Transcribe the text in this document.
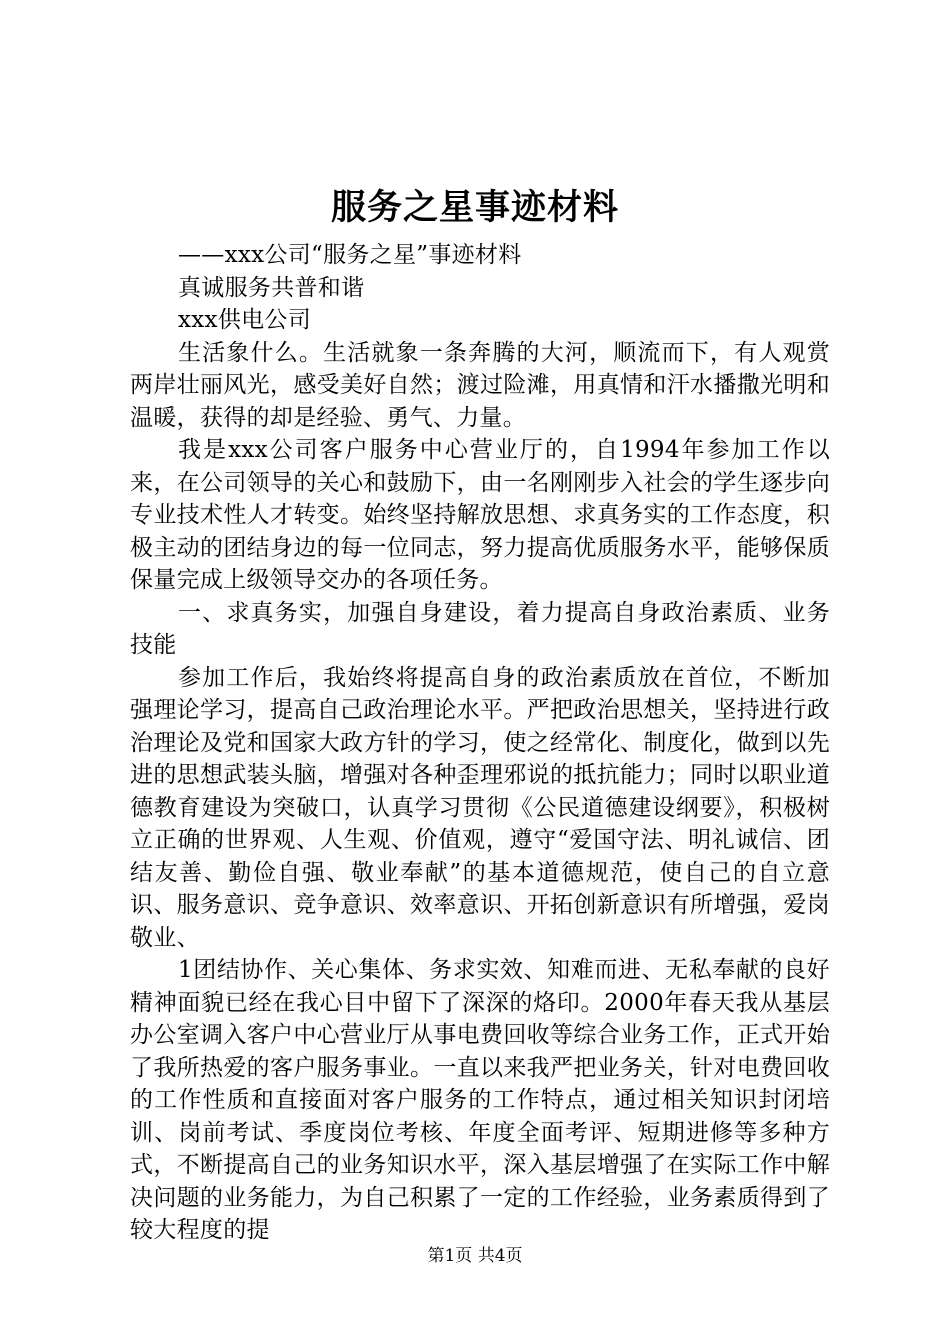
服务之星事迹材料

——xxx公司“服务之星”事迹材料

真诚服务共普和谐

xxx供电公司

生活象什么。生活就象一条奔腾的大河，顺流而下，有人观赏两岸壮丽风光，感受美好自然；渡过险滩，用真情和汗水播撒光明和温暖，获得的却是经验、勇气、力量。

我是xxx公司客户服务中心营业厅的，自1994年参加工作以来，在公司领导的关心和鼓励下，由一名刚刚步入社会的学生逐步向专业技术性人才转变。始终坚持解放思想、求真务实的工作态度，积极主动的团结身边的每一位同志，努力提高优质服务水平，能够保质保量完成上级领导交办的各项任务。

一、求真务实，加强自身建设，着力提高自身政治素质、业务技能

参加工作后，我始终将提高自身的政治素质放在首位，不断加强理论学习，提高自己政治理论水平。严把政治思想关，坚持进行政治理论及党和国家大政方针的学习，使之经常化、制度化，做到以先进的思想武装头脑，增强对各种歪理邪说的抵抗能力；同时以职业道德教育建设为突破口，认真学习贯彻《公民道德建设纲要》，积极树立正确的世界观、人生观、价值观，遵守“爱国守法、明礼诚信、团结友善、勤俭自强、敬业奉献”的基本道德规范，使自己的自立意识、服务意识、竞争意识、效率意识、开拓创新意识有所增强，爱岗敬业、

1团结协作、关心集体、务求实效、知难而进、无私奉献的良好精神面貌已经在我心目中留下了深深的烙印。2000年春天我从基层办公室调入客户中心营业厅从事电费回收等综合业务工作，正式开始了我所热爱的客户服务事业。一直以来我严把业务关，针对电费回收的工作性质和直接面对客户服务的工作特点，通过相关知识封闭培训、岗前考试、季度岗位考核、年度全面考评、短期进修等多种方式，不断提高自己的业务知识水平，深入基层增强了在实际工作中解决问题的业务能力，为自己积累了一定的工作经验，业务素质得到了较大程度的提

第1页 共4页
